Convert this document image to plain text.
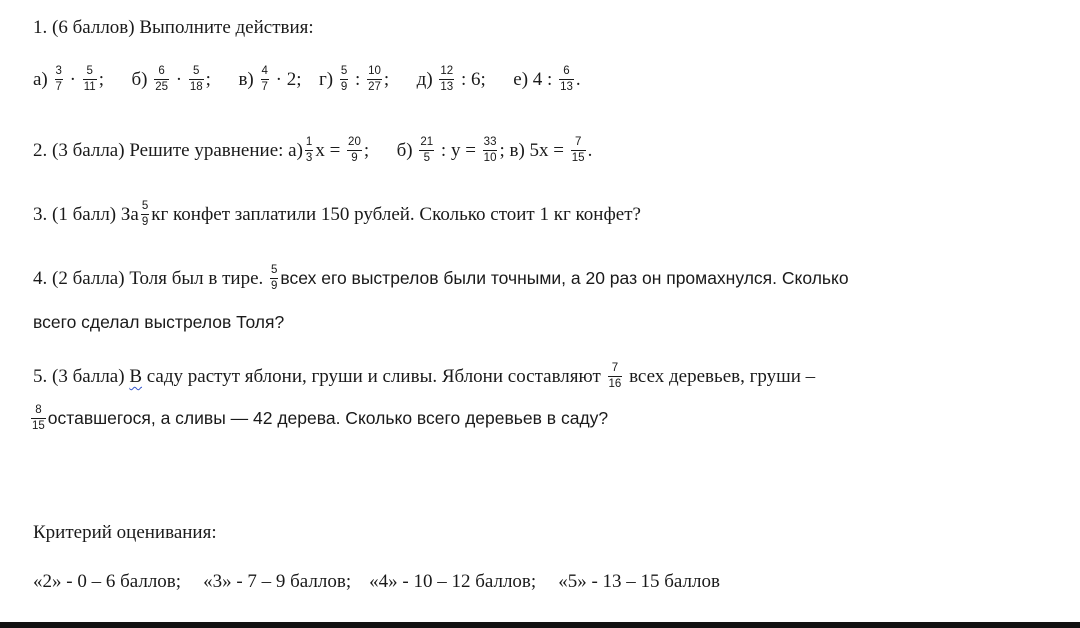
1. (6 баллов) Выполните действия:
$а) \frac{3}{7} \cdot \frac{5}{11}$ ; $б) \frac{6}{25} \cdot \frac{5}{18}$ ; $в) \frac{4}{7} \cdot 2$; $г) \frac{5}{9}$ : $\frac{10}{27}$ ; $д) \frac{12}{13}$ : 6; е) 4 : $\frac{6}{13}$ .
2. (3 балла) Решите уравнение: $а) \frac{1}{3}$ $х = \frac{20}{9}$ ; $б) \frac{21}{5}$ : $у = \frac{33}{10}$ ; в) $5х = \frac{7}{15}$ .
3. (1 балл) За $\frac{5}{9}$ кг конфет заплатили 150 рублей. Сколько стоит 1 кг конфет?
4. (2 балла) Толя был в тире. $\frac{5}{9}$ всех его выстрелов были точными, а 20 раз он промахнулся. Сколько
всего сделал выстрелов Толя?
5. (3 балла) В саду растут яблони, груши и сливы. Яблони составляют $\frac{7}{16}$ всех деревьев, груши –
$\frac{8}{15}$ оставшегося, а сливы — 42 дерева. Сколько всего деревьев в саду?
Критерий оценивания:
«2» - 0 – 6 баллов; «3» - 7 – 9 баллов; «4» - 10 – 12 баллов; «5» - 13 – 15 баллов
